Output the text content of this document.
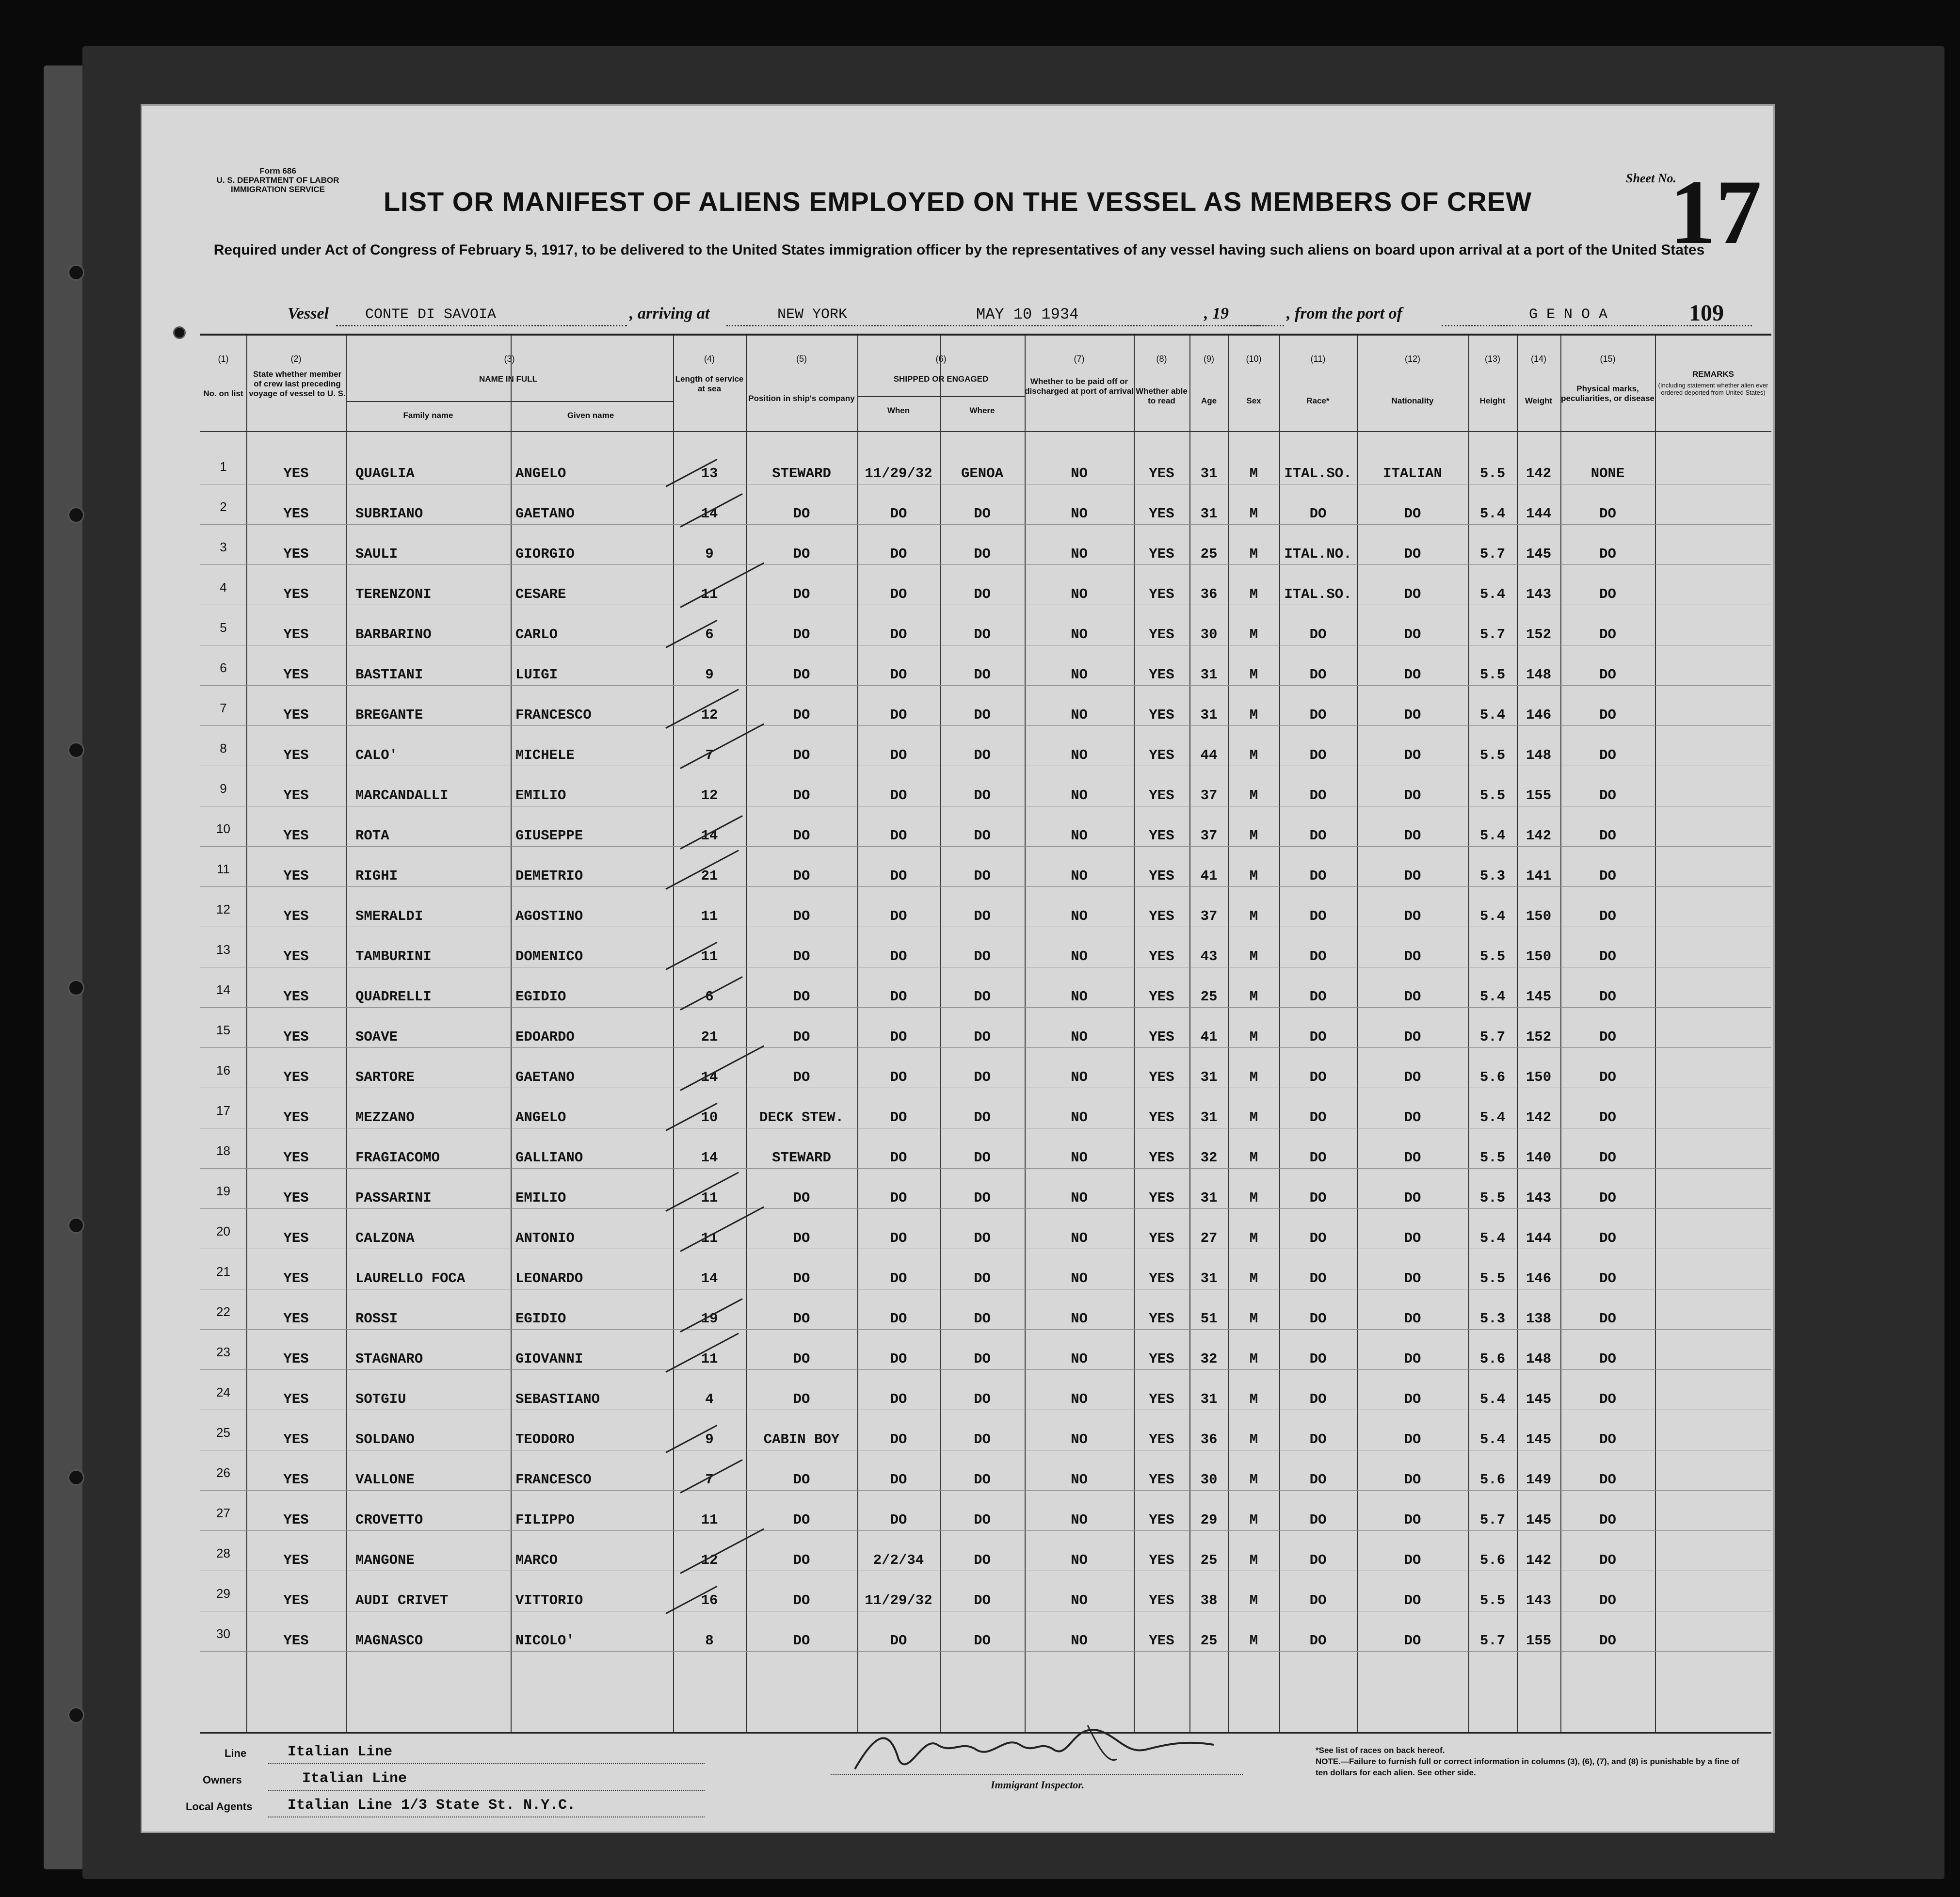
Form 686
U. S. DEPARTMENT OF LABOR
IMMIGRATION SERVICE	LIST OR MANIFEST OF ALIENS EMPLOYED ON THE VESSEL AS MEMBERS OF CREW
Sheet No.
17
Required under Act of Congress of February 5, 1917, to be delivered to the United States immigration officer by the representatives of any vessel having such aliens on board upon arrival at a port of the United States
Vessel	CONTE DI SAVOIA	, arriving at	NEW YORK	MAY 10 1934	, 19	, from the port of	G E N O A	109
No. on list
State whether member of crew last preceding voyage of vessel to U. S.
NAME IN FULL
Family name	Given name
Length of service at sea
Position in ship's company
SHIPPED OR ENGAGED
When	Where
Whether to be paid off or discharged at port of arrival Whether able to read	Age	Sex	Race*	Nationality	Height	Weight
Physical marks, peculiarities, or disease
REMARKS
(Including statement whether alien ever ordered deported from United States)
(1)	(2)	(3)	(4)	(5)	(6)	(7)	(8)	(9)	(10)	(11)	(12)	(13)	(14)	(15)
1	YES	QUAGLIA	ANGELO	13	STEWARD	11/29/32	GENOA	NO	YES	31	M	ITAL.SO.	ITALIAN	5.5	142	NONE
2	YES	SUBRIANO	GAETANO	14	DO	DO	DO	NO	YES	31	M	DO	DO	5.4	144	DO
3	YES	SAULI	GIORGIO	9	DO	DO	DO	NO	YES	25	M	ITAL.NO.	DO	5.7	145	DO
4	YES	TERENZONI	CESARE	11	DO	DO	DO	NO	YES	36	M	ITAL.SO.	DO	5.4	143	DO
5	YES	BARBARINO	CARLO	6	DO	DO	DO	NO	YES	30	M	DO	DO	5.7	152	DO
6	YES	BASTIANI	LUIGI	9	DO	DO	DO	NO	YES	31	M	DO	DO	5.5	148	DO
7	YES	BREGANTE	FRANCESCO	12	DO	DO	DO	NO	YES	31	M	DO	DO	5.4	146	DO
8	YES	CALO'	MICHELE	7	DO	DO	DO	NO	YES	44	M	DO	DO	5.5	148	DO
9	YES	MARCANDALLI	EMILIO	12	DO	DO	DO	NO	YES	37	M	DO	DO	5.5	155	DO
10	YES	ROTA	GIUSEPPE	14	DO	DO	DO	NO	YES	37	M	DO	DO	5.4	142	DO
11	YES	RIGHI	DEMETRIO	21	DO	DO	DO	NO	YES	41	M	DO	DO	5.3	141	DO
12	YES	SMERALDI	AGOSTINO	11	DO	DO	DO	NO	YES	37	M	DO	DO	5.4	150	DO
13	YES	TAMBURINI	DOMENICO	11	DO	DO	DO	NO	YES	43	M	DO	DO	5.5	150	DO
14	YES	QUADRELLI	EGIDIO	6	DO	DO	DO	NO	YES	25	M	DO	DO	5.4	145	DO
15	YES	SOAVE	EDOARDO	21	DO	DO	DO	NO	YES	41	M	DO	DO	5.7	152	DO
16	YES	SARTORE	GAETANO	14	DO	DO	DO	NO	YES	31	M	DO	DO	5.6	150	DO
17	YES	MEZZANO	ANGELO	10	DECK STEW.	DO	DO	NO	YES	31	M	DO	DO	5.4	142	DO
18	YES	FRAGIACOMO	GALLIANO	14	STEWARD	DO	DO	NO	YES	32	M	DO	DO	5.5	140	DO
19	YES	PASSARINI	EMILIO	11	DO	DO	DO	NO	YES	31	M	DO	DO	5.5	143	DO
20	YES	CALZONA	ANTONIO	11	DO	DO	DO	NO	YES	27	M	DO	DO	5.4	144	DO
21	YES	LAURELLO FOCA	LEONARDO	14	DO	DO	DO	NO	YES	31	M	DO	DO	5.5	146	DO
22	YES	ROSSI	EGIDIO	19	DO	DO	DO	NO	YES	51	M	DO	DO	5.3	138	DO
23	YES	STAGNARO	GIOVANNI	11	DO	DO	DO	NO	YES	32	M	DO	DO	5.6	148	DO
24	YES	SOTGIU	SEBASTIANO	4	DO	DO	DO	NO	YES	31	M	DO	DO	5.4	145	DO
25	YES	SOLDANO	TEODORO	9	CABIN BOY	DO	DO	NO	YES	36	M	DO	DO	5.4	145	DO
26	YES	VALLONE	FRANCESCO	7	DO	DO	DO	NO	YES	30	M	DO	DO	5.6	149	DO
27	YES	CROVETTO	FILIPPO	11	DO	DO	DO	NO	YES	29	M	DO	DO	5.7	145	DO
28	YES	MANGONE	MARCO	12	DO	2/2/34	DO	NO	YES	25	M	DO	DO	5.6	142	DO
29	YES	AUDI CRIVET	VITTORIO	16	DO	11/29/32	DO	NO	YES	38	M	DO	DO	5.5	143	DO
30	YES	MAGNASCO	NICOLO'	8	DO	DO	DO	NO	YES	25	M	DO	DO	5.7	155	DO
Line	Italian Line
Owners	Italian Line
Local Agents Italian Line 1/3 State St. N.Y.C.
Immigrant Inspector.
*See list of races on back hereof.
NOTE.—Failure to furnish full or correct information in columns (3), (6), (7), and (8) is punishable by a fine of ten dollars for each alien. See other side.
